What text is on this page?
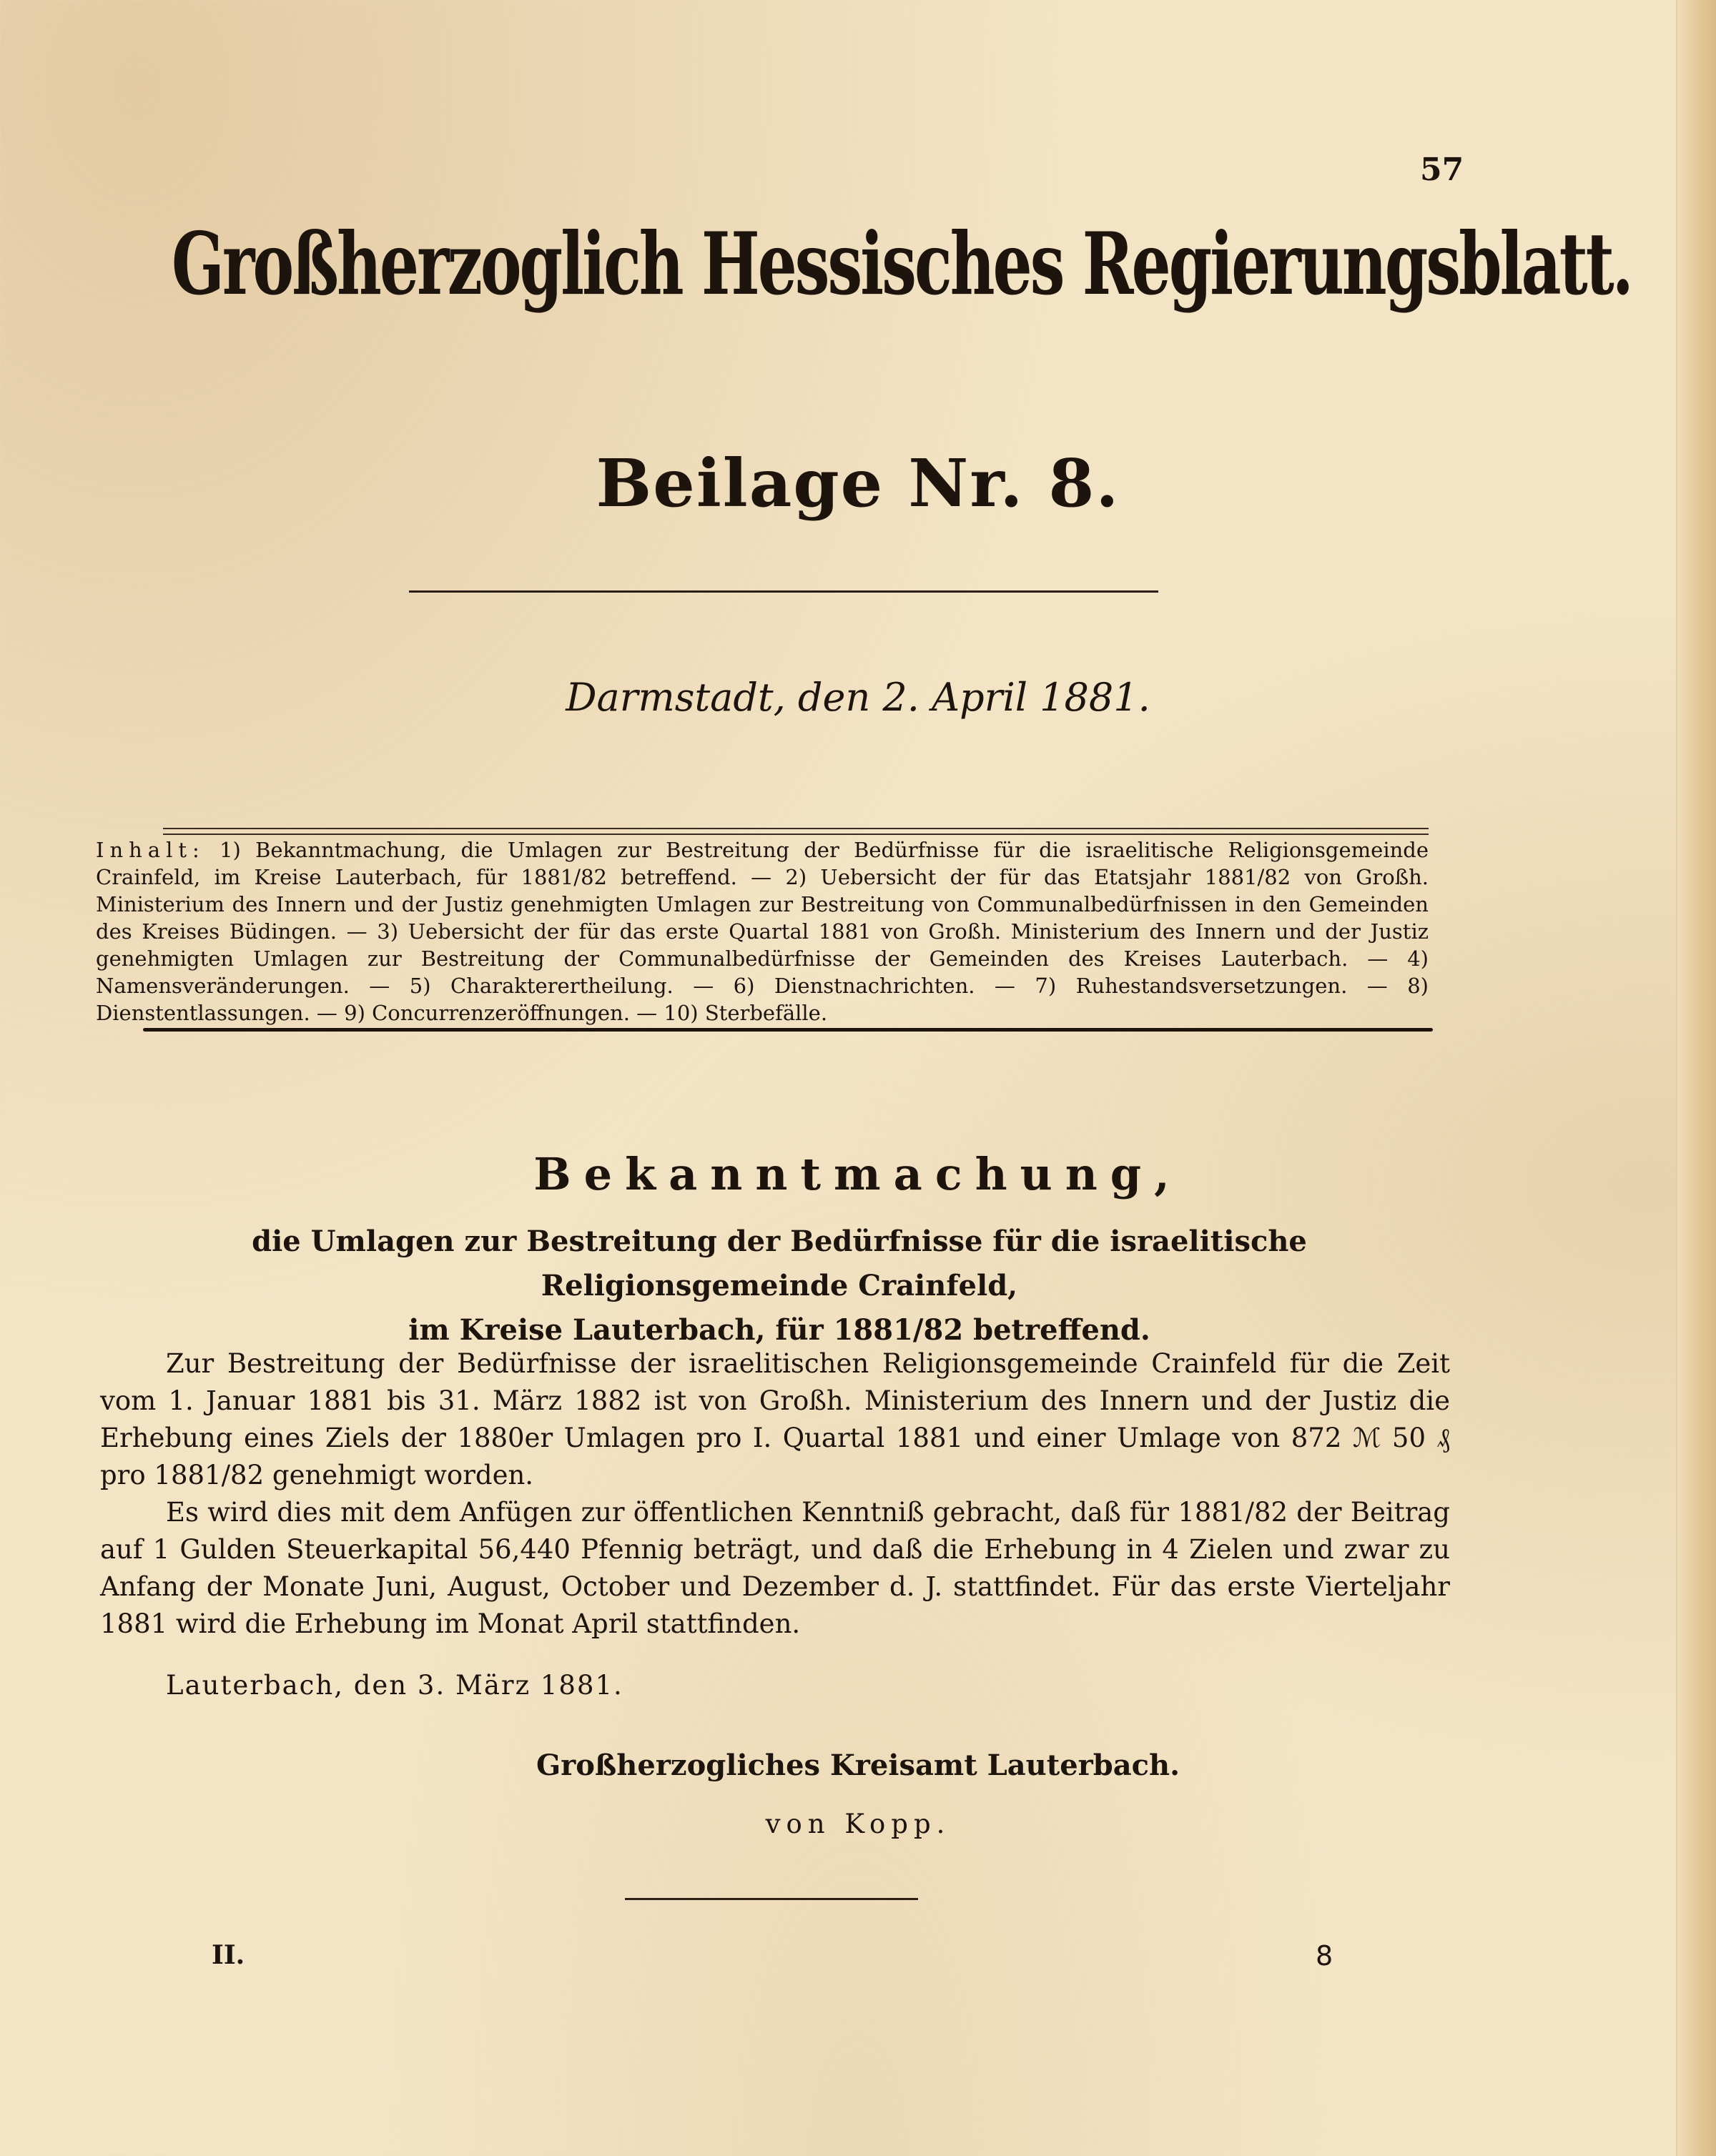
57
Großherzoglich Hessisches Regierungsblatt.
Beilage Nr. 8.
Darmstadt, den 2. April 1881.
Inhalt: 1) Bekanntmachung, die Umlagen zur Bestreitung der Bedürfnisse für die israelitische Religionsgemeinde Crainfeld, im Kreise Lauterbach, für 1881/82 betreffend. — 2) Uebersicht der für das Etatsjahr 1881/82 von Großh. Ministerium des Innern und der Justiz genehmigten Umlagen zur Bestreitung von Communalbedürfnissen in den Gemeinden des Kreises Büdingen. — 3) Uebersicht der für das erste Quartal 1881 von Großh. Ministerium des Innern und der Justiz genehmigten Umlagen zur Bestreitung der Communalbedürfnisse der Gemeinden des Kreises Lauterbach. — 4) Namensveränderungen. — 5) Charakterertheilung. — 6) Dienstnachrichten. — 7) Ruhestandsversetzungen. — 8) Dienstentlassungen. — 9) Concurrenzeröffnungen. — 10) Sterbefälle.
Bekanntmachung,
die Umlagen zur Bestreitung der Bedürfnisse für die israelitische Religionsgemeinde Crainfeld,
im Kreise Lauterbach, für 1881/82 betreffend.

Zur Bestreitung der Bedürfnisse der israelitischen Religionsgemeinde Crainfeld für die Zeit vom 1. Januar 1881 bis 31. März 1882 ist von Großh. Ministerium des Innern und der Justiz die Erhebung eines Ziels der 1880er Umlagen pro I. Quartal 1881 und einer Umlage von 872 ℳ 50 ₰ pro 1881/82 genehmigt worden.

Es wird dies mit dem Anfügen zur öffentlichen Kenntniß gebracht, daß für 1881/82 der Beitrag auf 1 Gulden Steuerkapital 56,440 Pfennig beträgt, und daß die Erhebung in 4 Zielen und zwar zu Anfang der Monate Juni, August, October und Dezember d. J. stattfindet. Für das erste Vierteljahr 1881 wird die Erhebung im Monat April stattfinden.

Lauterbach, den 3. März 1881.
Großherzogliches Kreisamt Lauterbach.
von Kopp.
II.	8
